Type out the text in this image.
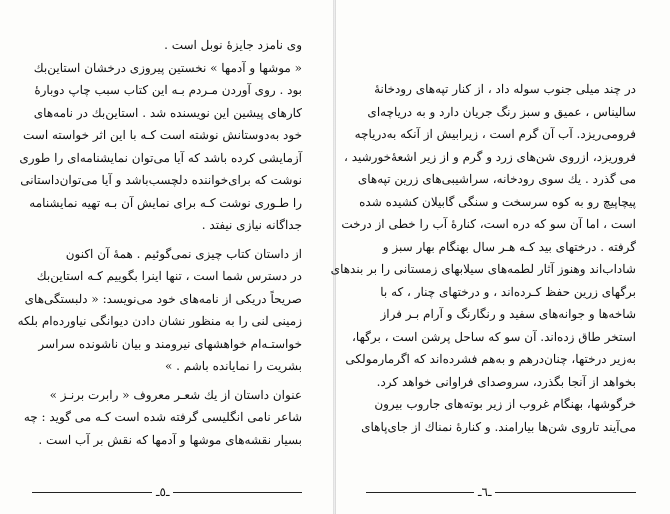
وی نامزد جایزهٔ نوبل است .
« موشها و آدمها » نخستین پیروزی درخشان استاین‌بك
بود . روی آوردن مـردم بـه این کتاب سبب چاپ دوبارهٔ
کارهای پیشین این نویسنده شد . استاین‌بك در نامه‌های
خود به‌دوستانش نوشته است کـه با این اثر خواسته است
آزمایشی کرده باشد که آیا می‌توان نمایشنامه‌ای را طوری
نوشت که برای‌خواننده دلچسب‌باشد و آیا می‌توان‌داستانی
را طـوری نوشت کـه برای نمایش آن بـه تهیه نمایشنامه
جداگانه نیازی نیفتد .
از داستان کتاب چیزی نمی‌گوئیم . همهٔ آن اکنون
در دسترس شما است ، تنها اینرا بگوییم کـه استاین‌بك
صریحاً دریکی از نامه‌های خود می‌نویسد: « دلبستگی‌های
زمینی لنی را به منظور نشان دادن دیوانگی نیاورده‌ام بلکه
خواستـه‌ام خواهشهای نیرومند و بیان ناشونده سراسر
بشریت را نمایانده باشم . »
عنوان داستان از یك شعـر معروف « رابرت برنـز »
شاعر نامی انگلیسی گرفته شده است کـه می گوید : چه
بسیار نقشه‌های موشها و آدمها که نقش بر آب است .
ـ٥ـ
در چند میلی جنوب سوله داد ، از کنار تپه‌های رودخانهٔ
سالیناس ، عمیق و سبز رنگ جریان دارد و به دریاچه‌ای
فرومی‌ریزد. آب آن گرم است ، زیرابیش از آنکه به‌دریاچه
فروریزد، ازروی شن‌های زرد و گرم و از زیر اشعهٔ‌خورشید ،
می گذرد . یك سوی رودخانه، سراشیبی‌های زرین تپه‌های
پیچاپیچ رو به کوه سرسخت و سنگی گابیلان کشیده شده
است ، اما آن سو که دره است، کنارهٔ آب را خطی از درخت
گرفته . درختهای بید کـه هـر سال بهنگام بهار سبز و
شاداب‌اند وهنوز آثار لطمه‌های سیلابهای زمستانی را بر بندهای
برگهای زرین حفظ کـرده‌اند ، و درختهای چنار ، که با
شاخه‌ها و جوانه‌های سفید و رنگارنگ و آرام بـر فراز
استخر طاق زده‌اند. آن سو که ساحل پرشن است ، برگها،
به‌زیر درختها، چنان‌درهم و به‌هم فشرده‌اند که اگرمارمولکی
بخواهد از آنجا بگذرد، سروصدای فراوانی خواهد کرد.
خرگوشها، بهنگام غروب از زیر بوته‌های جاروب بیرون
می‌آیند تاروی شن‌ها بیارامند. و کنارهٔ نمناك از جای‌پاهای
ـ٦ـ
